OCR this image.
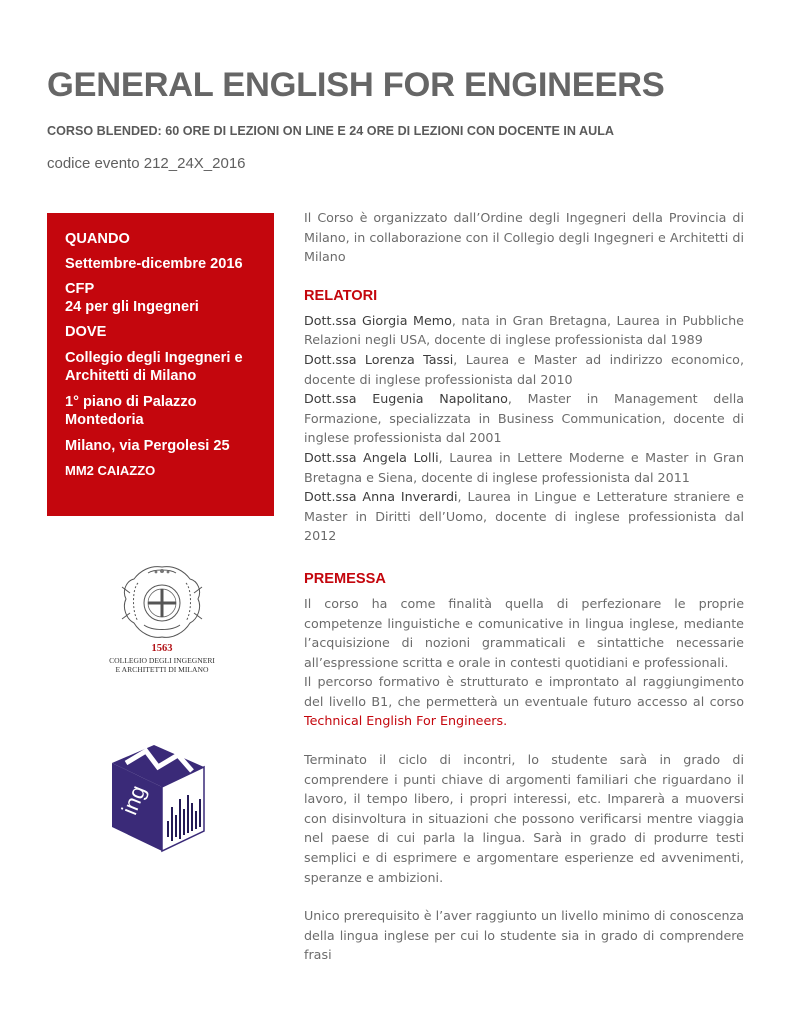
GENERAL ENGLISH FOR ENGINEERS

CORSO BLENDED: 60 ORE DI LEZIONI ON LINE E 24 ORE DI LEZIONI CON DOCENTE IN AULA

codice evento 212_24X_2016

QUANDO
Settembre-dicembre 2016
CFP
24 per gli Ingegneri
DOVE
Collegio degli Ingegneri e
Architetti di Milano
1° piano di Palazzo
Montedoria
Milano, via Pergolesi 25
MM2 CAIAZZO
1563
COLLEGIO DEGLI INGEGNERI
E ARCHITETTI DI MILANO
ing

Il Corso è organizzato dall’Ordine degli Ingegneri della Provincia di Milano, in collaborazione con il Collegio degli Ingegneri e Architetti di Milano

RELATORI

Dott.ssa Giorgia Memo, nata in Gran Bretagna, Laurea in Pubbliche Relazioni negli USA, docente di inglese professionista dal 1989

Dott.ssa Lorenza Tassi, Laurea e Master ad indirizzo economico, docente di inglese professionista dal 2010

Dott.ssa Eugenia Napolitano, Master in Management della Formazione, specializzata in Business Communication, docente di inglese professionista dal 2001

Dott.ssa Angela Lolli, Laurea in Lettere Moderne e Master in Gran Bretagna e Siena, docente di inglese professionista dal 2011

Dott.ssa Anna Inverardi, Laurea in Lingue e Letterature straniere e Master in Diritti dell’Uomo, docente di inglese professionista dal 2012

PREMESSA

Il corso ha come finalità quella di perfezionare le proprie competenze linguistiche e comunicative in lingua inglese, mediante l’acquisizione di nozioni grammaticali e sintattiche necessarie all’espressione scritta e orale in contesti quotidiani e professionali.

Il percorso formativo è strutturato e improntato al raggiungimento del livello B1, che permetterà un eventuale futuro accesso al corso Technical English For Engineers.

Terminato il ciclo di incontri, lo studente sarà in grado di comprendere i punti chiave di argomenti familiari che riguardano il lavoro, il tempo libero, i propri interessi, etc. Imparerà a muoversi con disinvoltura in situazioni che possono verificarsi mentre viaggia nel paese di cui parla la lingua. Sarà in grado di produrre testi semplici e di esprimere e argomentare esperienze ed avvenimenti, speranze e ambizioni.

Unico prerequisito è l’aver raggiunto un livello minimo di conoscenza della lingua inglese per cui lo studente sia in grado di comprendere frasi
